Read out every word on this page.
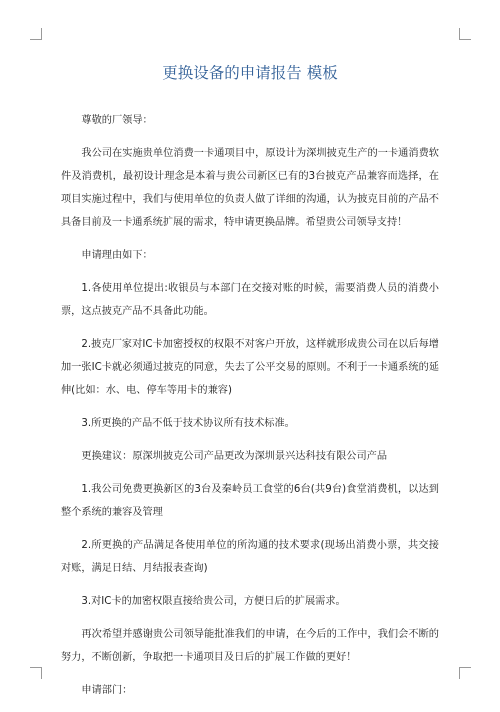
更换设备的申请报告 模板

尊敬的厂领导：

我公司在实施贵单位消费一卡通项目中，原设计为深圳披克生产的一卡通消费软件及消费机，最初设计理念是本着与贵公司新区已有的3台披克产品兼容而选择，在项目实施过程中，我们与使用单位的负责人做了详细的沟通，认为披克目前的产品不具备目前及一卡通系统扩展的需求，特申请更换品牌。希望贵公司领导支持！

申请理由如下：

1.各使用单位提出:收银员与本部门在交接对账的时候，需要消费人员的消费小票，这点披克产品不具备此功能。

2.披克厂家对IC卡加密授权的权限不对客户开放，这样就形成贵公司在以后每增加一张IC卡就必须通过披克的同意，失去了公平交易的原则。不利于一卡通系统的延伸(比如：水、电、停车等用卡的兼容)

3.所更换的产品不低于技术协议所有技术标准。

更换建议：原深圳披克公司产品更改为深圳景兴达科技有限公司产品

1.我公司免费更换新区的3台及秦岭员工食堂的6台(共9台)食堂消费机，以达到整个系统的兼容及管理

2.所更换的产品满足各使用单位的所沟通的技术要求(现场出消费小票，共交接对账，满足日结、月结报表查询)

3.对IC卡的加密权限直接给贵公司，方便日后的扩展需求。

再次希望并感谢贵公司领导能批准我们的申请，在今后的工作中，我们会不断的努力，不断创新，争取把一卡通项目及日后的扩展工作做的更好！

申请部门：
